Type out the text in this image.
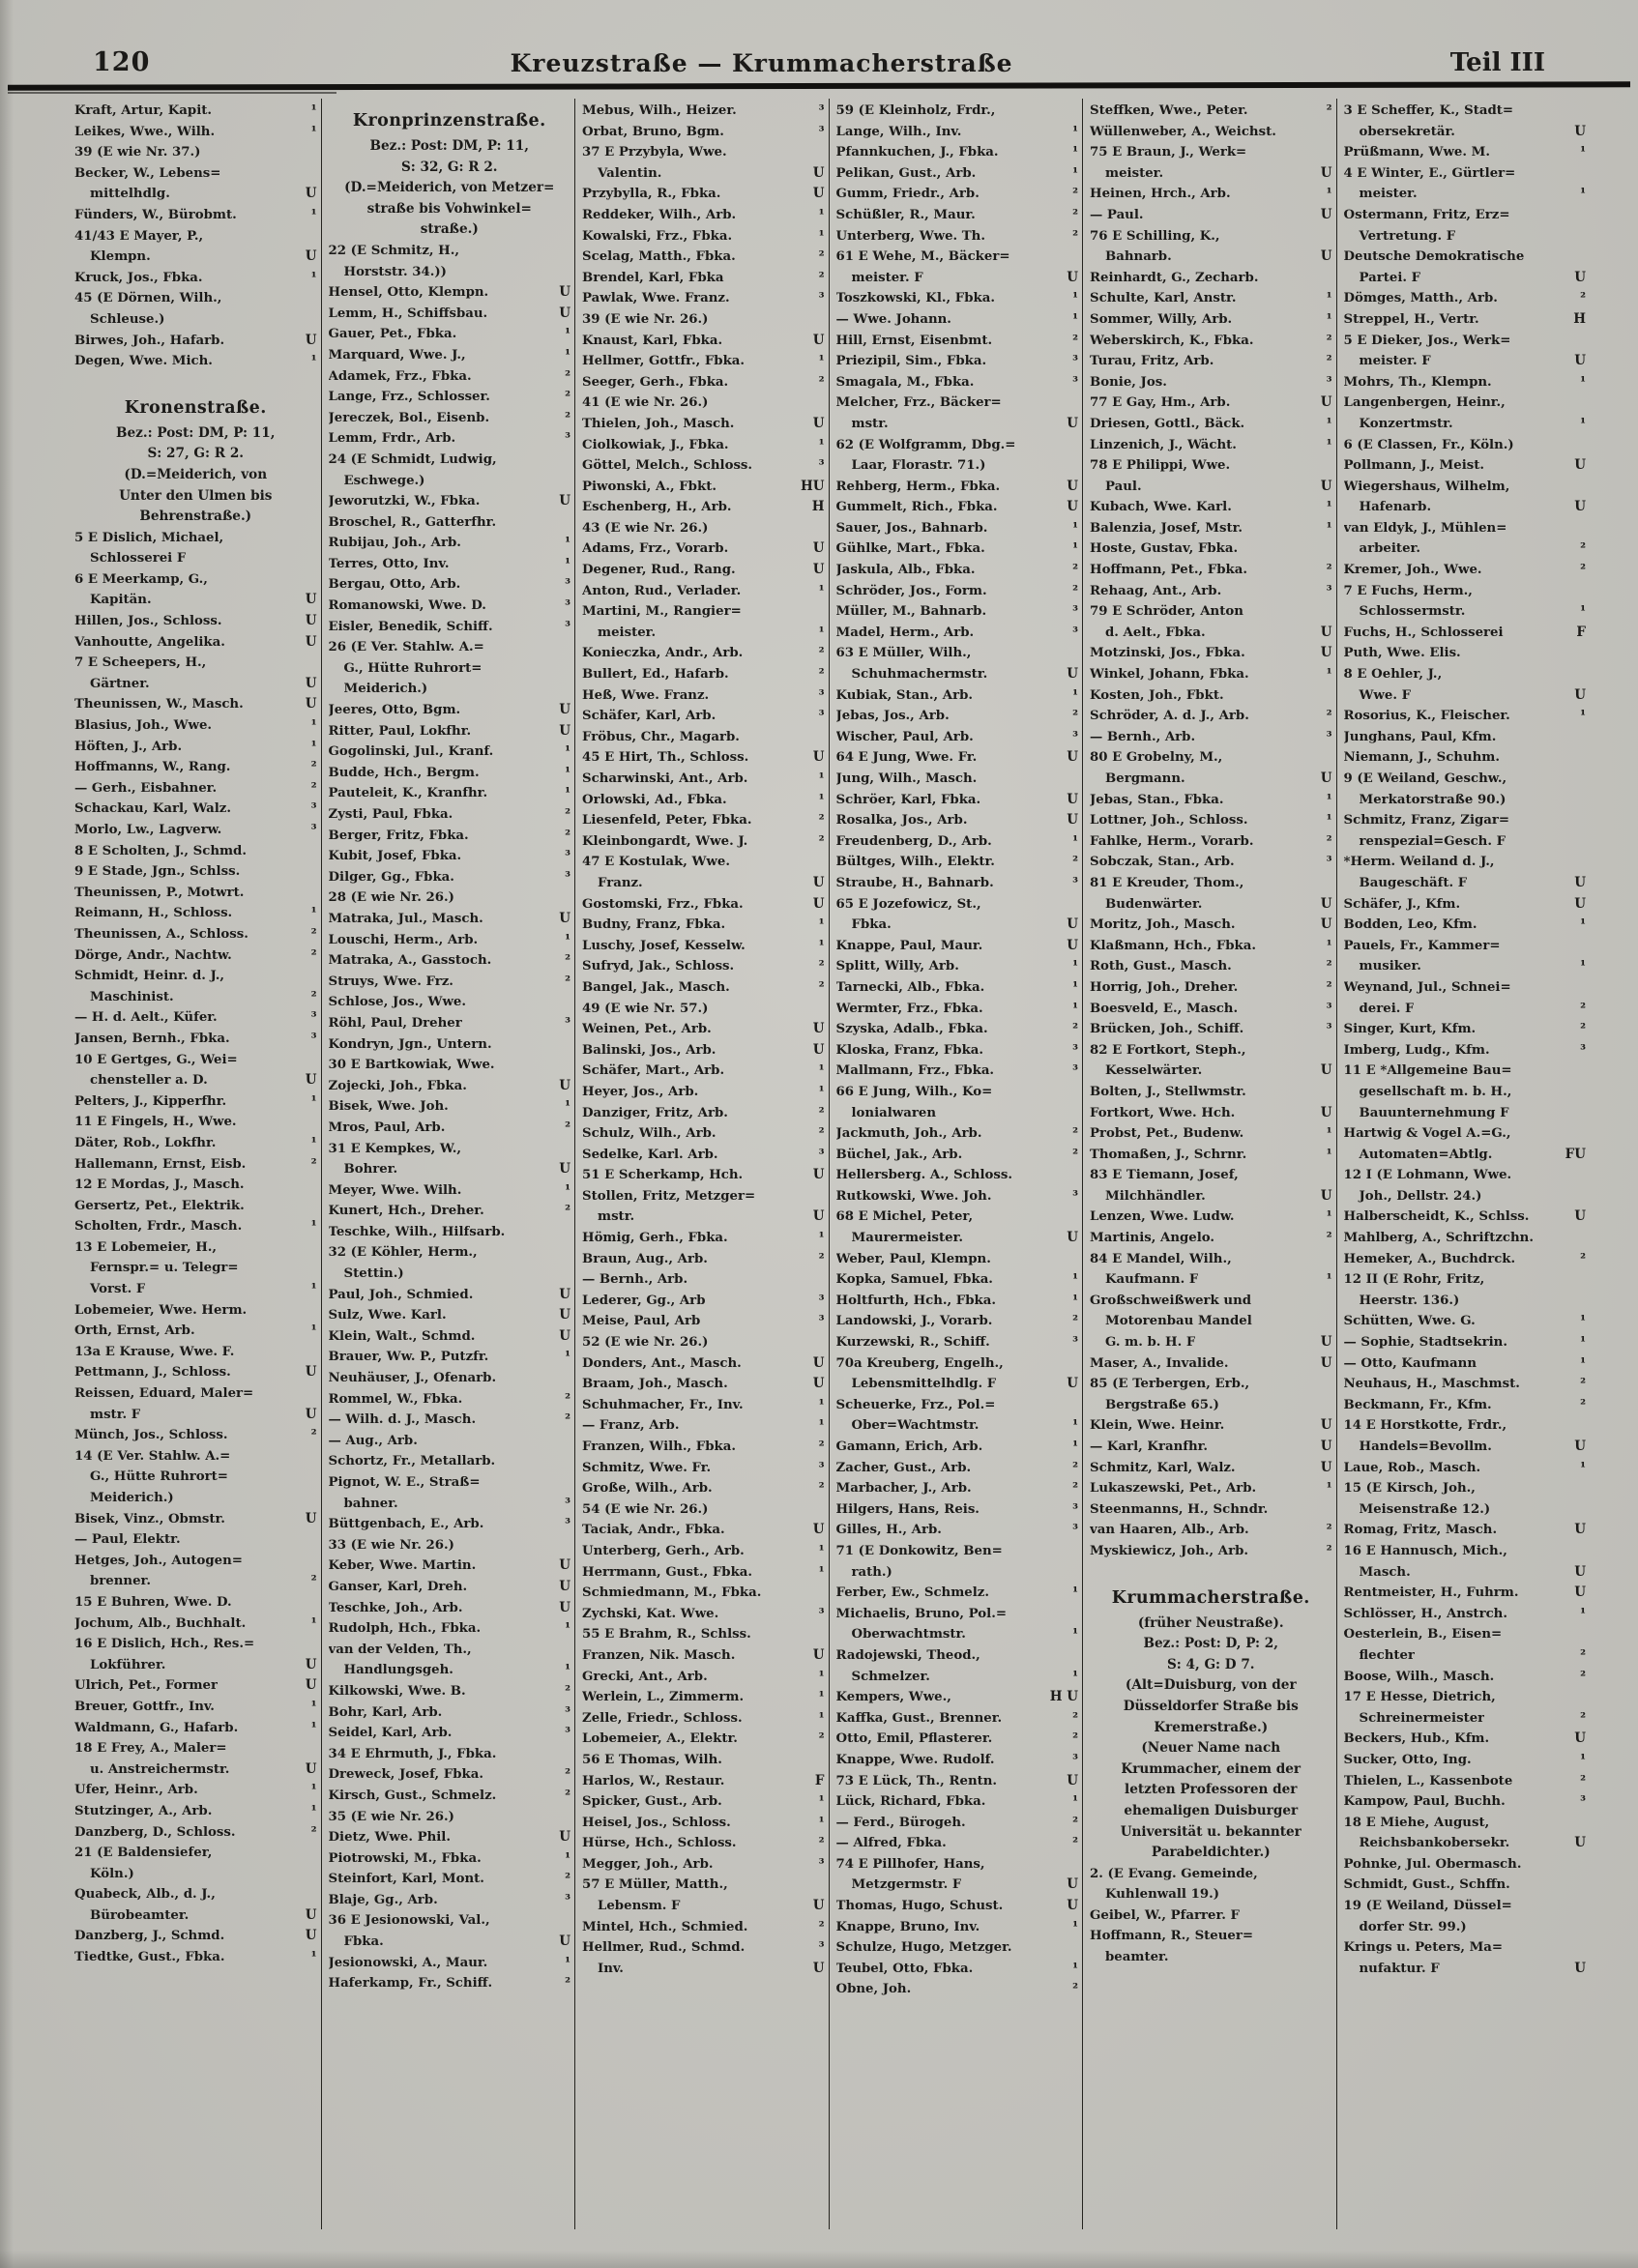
120	Kreuzstraße — Krummacherstraße	Teil III
Kraft, Artur, Kapit.	¹
Leikes, Wwe., Wilh.	¹
39 (E wie Nr. 37.)
Becker, W., Lebens=
mittelhdlg.	U
Fünders, W., Bürobmt.	¹
41/43 E Mayer, P.,
Klempn.	U
Kruck, Jos., Fbka.	¹
45 (E Dörnen, Wilh.,
Schleuse.)
Birwes, Joh., Hafarb.	U
Degen, Wwe. Mich.	¹
Kronenstraße.
Bez.: Post: DM, P: 11,
S: 27, G: R 2.
(D.=Meiderich, von
Unter den Ulmen bis
Behrenstraße.)
5 E Dislich, Michael,
Schlosserei F
6 E Meerkamp, G.,
Kapitän.	U
Hillen, Jos., Schloss.	U
Vanhoutte, Angelika.	U
7 E Scheepers, H.,
Gärtner.	U
Theunissen, W., Masch.	U
Blasius, Joh., Wwe.	¹
Höften, J., Arb.	¹
Hoffmanns, W., Rang.	²
— Gerh., Eisbahner.	²
Schackau, Karl, Walz.	³
Morlo, Lw., Lagverw.	³
8 E Scholten, J., Schmd.
9 E Stade, Jgn., Schlss.
Theunissen, P., Motwrt.
Reimann, H., Schloss.	¹
Theunissen, A., Schloss.	²
Dörge, Andr., Nachtw.	²
Schmidt, Heinr. d. J.,
Maschinist.	²
— H. d. Aelt., Küfer.	³
Jansen, Bernh., Fbka.	³
10 E Gertges, G., Wei=
chensteller a. D.	U
Pelters, J., Kipperfhr.	¹
11 E Fingels, H., Wwe.
Däter, Rob., Lokfhr.	¹
Hallemann, Ernst, Eisb.	²
12 E Mordas, J., Masch.
Gersertz, Pet., Elektrik.
Scholten, Frdr., Masch.	¹
13 E Lobemeier, H.,
Fernspr.= u. Telegr=
Vorst. F	¹
Lobemeier, Wwe. Herm.
Orth, Ernst, Arb.	¹
13a E Krause, Wwe. F.
Pettmann, J., Schloss.	U
Reissen, Eduard, Maler=
mstr. F	U
Münch, Jos., Schloss.	²
14 (E Ver. Stahlw. A.=
G., Hütte Ruhrort=
Meiderich.)
Bisek, Vinz., Obmstr.	U
— Paul, Elektr.
Hetges, Joh., Autogen=
brenner.	²
15 E Buhren, Wwe. D.
Jochum, Alb., Buchhalt.	¹
16 E Dislich, Hch., Res.=
Lokführer.	U
Ulrich, Pet., Former	U
Breuer, Gottfr., Inv.	¹
Waldmann, G., Hafarb.	¹
18 E Frey, A., Maler=
u. Anstreichermstr.	U
Ufer, Heinr., Arb.	¹
Stutzinger, A., Arb.	¹
Danzberg, D., Schloss.	²
21 (E Baldensiefer,
Köln.)
Quabeck, Alb., d. J.,
Bürobeamter.	U
Danzberg, J., Schmd.	U
Tiedtke, Gust., Fbka.	¹
Kronprinzenstraße.
Bez.: Post: DM, P: 11,
S: 32, G: R 2.
(D.=Meiderich, von Metzer=
straße bis Vohwinkel=
straße.)
22 (E Schmitz, H.,
Horststr. 34.))
Hensel, Otto, Klempn.	U
Lemm, H., Schiffsbau.	U
Gauer, Pet., Fbka.	¹
Marquard, Wwe. J.,	¹
Adamek, Frz., Fbka.	²
Lange, Frz., Schlosser.	²
Jereczek, Bol., Eisenb.	²
Lemm, Frdr., Arb.	³
24 (E Schmidt, Ludwig,
Eschwege.)
Jeworutzki, W., Fbka.	U
Broschel, R., Gatterfhr.
Rubijau, Joh., Arb.	¹
Terres, Otto, Inv.	¹
Bergau, Otto, Arb.	³
Romanowski, Wwe. D.	³
Eisler, Benedik, Schiff.	³
26 (E Ver. Stahlw. A.=
G., Hütte Ruhrort=
Meiderich.)
Jeeres, Otto, Bgm.	U
Ritter, Paul, Lokfhr.	U
Gogolinski, Jul., Kranf.	¹
Budde, Hch., Bergm.	¹
Pauteleit, K., Kranfhr.	¹
Zysti, Paul, Fbka.	²
Berger, Fritz, Fbka.	²
Kubit, Josef, Fbka.	³
Dilger, Gg., Fbka.	³
28 (E wie Nr. 26.)
Matraka, Jul., Masch.	U
Louschi, Herm., Arb.	¹
Matraka, A., Gasstoch.	²
Struys, Wwe. Frz.	²
Schlose, Jos., Wwe.
Röhl, Paul, Dreher	³
Kondryn, Jgn., Untern.
30 E Bartkowiak, Wwe.
Zojecki, Joh., Fbka.	U
Bisek, Wwe. Joh.	¹
Mros, Paul, Arb.	²
31 E Kempkes, W.,
Bohrer.	U
Meyer, Wwe. Wilh.	¹
Kunert, Hch., Dreher.	²
Teschke, Wilh., Hilfsarb.
32 (E Köhler, Herm.,
Stettin.)
Paul, Joh., Schmied.	U
Sulz, Wwe. Karl.	U
Klein, Walt., Schmd.	U
Brauer, Ww. P., Putzfr.	¹
Neuhäuser, J., Ofenarb.
Rommel, W., Fbka.	²
— Wilh. d. J., Masch.	²
— Aug., Arb.
Schortz, Fr., Metallarb.
Pignot, W. E., Straß=
bahner.	³
Büttgenbach, E., Arb.	³
33 (E wie Nr. 26.)
Keber, Wwe. Martin.	U
Ganser, Karl, Dreh.	U
Teschke, Joh., Arb.	U
Rudolph, Hch., Fbka.	¹
van der Velden, Th.,
Handlungsgeh.	¹
Kilkowski, Wwe. B.	²
Bohr, Karl, Arb.	³
Seidel, Karl, Arb.	³
34 E Ehrmuth, J., Fbka.
Dreweck, Josef, Fbka.	²
Kirsch, Gust., Schmelz.	²
35 (E wie Nr. 26.)
Dietz, Wwe. Phil.	U
Piotrowski, M., Fbka.	¹
Steinfort, Karl, Mont.	²
Blaje, Gg., Arb.	³
36 E Jesionowski, Val.,
Fbka.	U
Jesionowski, A., Maur.	¹
Haferkamp, Fr., Schiff.	²
Mebus, Wilh., Heizer.	³
Orbat, Bruno, Bgm.	³
37 E Przybyla, Wwe.
Valentin.	U
Przybylla, R., Fbka.	U
Reddeker, Wilh., Arb.	¹
Kowalski, Frz., Fbka.	¹
Scelag, Matth., Fbka.	²
Brendel, Karl, Fbka	²
Pawlak, Wwe. Franz.	³
39 (E wie Nr. 26.)
Knaust, Karl, Fbka.	U
Hellmer, Gottfr., Fbka.	¹
Seeger, Gerh., Fbka.	²
41 (E wie Nr. 26.)
Thielen, Joh., Masch.	U
Ciolkowiak, J., Fbka.	¹
Göttel, Melch., Schloss.	³
Piwonski, A., Fbkt.	HU
Eschenberg, H., Arb.	H
43 (E wie Nr. 26.)
Adams, Frz., Vorarb.	U
Degener, Rud., Rang.	U
Anton, Rud., Verlader.	¹
Martini, M., Rangier=
meister.	¹
Konieczka, Andr., Arb.	²
Bullert, Ed., Hafarb.	²
Heß, Wwe. Franz.	³
Schäfer, Karl, Arb.	³
Fröbus, Chr., Magarb.
45 E Hirt, Th., Schloss.	U
Scharwinski, Ant., Arb.	¹
Orlowski, Ad., Fbka.	¹
Liesenfeld, Peter, Fbka.	²
Kleinbongardt, Wwe. J.	²
47 E Kostulak, Wwe.
Franz.	U
Gostomski, Frz., Fbka.	U
Budny, Franz, Fbka.	¹
Luschy, Josef, Kesselw.	¹
Sufryd, Jak., Schloss.	²
Bangel, Jak., Masch.	²
49 (E wie Nr. 57.)
Weinen, Pet., Arb.	U
Balinski, Jos., Arb.	U
Schäfer, Mart., Arb.	¹
Heyer, Jos., Arb.	¹
Danziger, Fritz, Arb.	²
Schulz, Wilh., Arb.	²
Sedelke, Karl. Arb.	³
51 E Scherkamp, Hch.	U
Stollen, Fritz, Metzger=
mstr.	U
Hömig, Gerh., Fbka.	¹
Braun, Aug., Arb.	²
— Bernh., Arb.
Lederer, Gg., Arb	³
Meise, Paul, Arb	³
52 (E wie Nr. 26.)
Donders, Ant., Masch.	U
Braam, Joh., Masch.	U
Schuhmacher, Fr., Inv.	¹
— Franz, Arb.	¹
Franzen, Wilh., Fbka.	²
Schmitz, Wwe. Fr.	³
Große, Wilh., Arb.	²
54 (E wie Nr. 26.)
Taciak, Andr., Fbka.	U
Unterberg, Gerh., Arb.	¹
Herrmann, Gust., Fbka.	¹
Schmiedmann, M., Fbka.
Zychski, Kat. Wwe.	³
55 E Brahm, R., Schlss.
Franzen, Nik. Masch.	U
Grecki, Ant., Arb.	¹
Werlein, L., Zimmerm.	¹
Zelle, Friedr., Schloss.	¹
Lobemeier, A., Elektr.	²
56 E Thomas, Wilh.
Harlos, W., Restaur.	F
Spicker, Gust., Arb.	¹
Heisel, Jos., Schloss.	¹
Hürse, Hch., Schloss.	²
Megger, Joh., Arb.	³
57 E Müller, Matth.,
Lebensm. F	U
Mintel, Hch., Schmied.	²
Hellmer, Rud., Schmd.	³
Inv.	U
59 (E Kleinholz, Frdr.,
Lange, Wilh., Inv.	¹
Pfannkuchen, J., Fbka.	¹
Pelikan, Gust., Arb.	¹
Gumm, Friedr., Arb.	²
Schüßler, R., Maur.	²
Unterberg, Wwe. Th.	²
61 E Wehe, M., Bäcker=
meister. F	U
Toszkowski, Kl., Fbka.	¹
— Wwe. Johann.	¹
Hill, Ernst, Eisenbmt.	²
Priezipil, Sim., Fbka.	³
Smagala, M., Fbka.	³
Melcher, Frz., Bäcker=
mstr.	U
62 (E Wolfgramm, Dbg.=
Laar, Florastr. 71.)
Rehberg, Herm., Fbka.	U
Gummelt, Rich., Fbka.	U
Sauer, Jos., Bahnarb.	¹
Gühlke, Mart., Fbka.	¹
Jaskula, Alb., Fbka.	²
Schröder, Jos., Form.	²
Müller, M., Bahnarb.	³
Madel, Herm., Arb.	³
63 E Müller, Wilh.,
Schuhmachermstr.	U
Kubiak, Stan., Arb.	¹
Jebas, Jos., Arb.	²
Wischer, Paul, Arb.	³
64 E Jung, Wwe. Fr.	U
Jung, Wilh., Masch.
Schröer, Karl, Fbka.	U
Rosalka, Jos., Arb.	U
Freudenberg, D., Arb.	¹
Bültges, Wilh., Elektr.	²
Straube, H., Bahnarb.	³
65 E Jozefowicz, St.,
Fbka.	U
Knappe, Paul, Maur.	U
Splitt, Willy, Arb.	¹
Tarnecki, Alb., Fbka.	¹
Wermter, Frz., Fbka.	¹
Szyska, Adalb., Fbka.	²
Kloska, Franz, Fbka.	³
Mallmann, Frz., Fbka.	³
66 E Jung, Wilh., Ko=
lonialwaren
Jackmuth, Joh., Arb.	²
Büchel, Jak., Arb.	²
Hellersberg. A., Schloss.
Rutkowski, Wwe. Joh.	³
68 E Michel, Peter,
Maurermeister.	U
Weber, Paul, Klempn.
Kopka, Samuel, Fbka.	¹
Holtfurth, Hch., Fbka.	¹
Landowski, J., Vorarb.	²
Kurzewski, R., Schiff.	³
70a Kreuberg, Engelh.,
Lebensmittelhdlg. F	U
Scheuerke, Frz., Pol.=
Ober=Wachtmstr.	¹
Gamann, Erich, Arb.	¹
Zacher, Gust., Arb.	²
Marbacher, J., Arb.	²
Hilgers, Hans, Reis.	³
Gilles, H., Arb.	³
71 (E Donkowitz, Ben=
rath.)
Ferber, Ew., Schmelz.	¹
Michaelis, Bruno, Pol.=
Oberwachtmstr.	¹
Radojewski, Theod.,
Schmelzer.	¹
Kempers, Wwe.,	H U
Kaffka, Gust., Brenner.	²
Otto, Emil, Pflasterer.	²
Knappe, Wwe. Rudolf.	³
73 E Lück, Th., Rentn.	U
Lück, Richard, Fbka.	¹
— Ferd., Bürogeh.	²
— Alfred, Fbka.	²
74 E Pillhofer, Hans,
Metzgermstr. F	U
Thomas, Hugo, Schust.	U
Knappe, Bruno, Inv.	¹
Schulze, Hugo, Metzger.
Teubel, Otto, Fbka.	¹
Obne, Joh.	²
Steffken, Wwe., Peter.	²
Wüllenweber, A., Weichst.
75 E Braun, J., Werk=
meister.	U
Heinen, Hrch., Arb.	¹
— Paul.	U
76 E Schilling, K.,
Bahnarb.	U
Reinhardt, G., Zecharb.
Schulte, Karl, Anstr.	¹
Sommer, Willy, Arb.	¹
Weberskirch, K., Fbka.	²
Turau, Fritz, Arb.	²
Bonie, Jos.	³
77 E Gay, Hm., Arb.	U
Driesen, Gottl., Bäck.	¹
Linzenich, J., Wächt.	¹
78 E Philippi, Wwe.
Paul.	U
Kubach, Wwe. Karl.	¹
Balenzia, Josef, Mstr.	¹
Hoste, Gustav, Fbka.
Hoffmann, Pet., Fbka.	²
Rehaag, Ant., Arb.	³
79 E Schröder, Anton
d. Aelt., Fbka.	U
Motzinski, Jos., Fbka.	U
Winkel, Johann, Fbka.	¹
Kosten, Joh., Fbkt.
Schröder, A. d. J., Arb.	²
— Bernh., Arb.	³
80 E Grobelny, M.,
Bergmann.	U
Jebas, Stan., Fbka.	¹
Lottner, Joh., Schloss.	¹
Fahlke, Herm., Vorarb.	²
Sobczak, Stan., Arb.	³
81 E Kreuder, Thom.,
Budenwärter.	U
Moritz, Joh., Masch.	U
Klaßmann, Hch., Fbka.	¹
Roth, Gust., Masch.	²
Horrig, Joh., Dreher.	²
Boesveld, E., Masch.	³
Brücken, Joh., Schiff.	³
82 E Fortkort, Steph.,
Kesselwärter.	U
Bolten, J., Stellwmstr.
Fortkort, Wwe. Hch.	U
Probst, Pet., Budenw.	¹
Thomaßen, J., Schrnr.	¹
83 E Tiemann, Josef,
Milchhändler.	U
Lenzen, Wwe. Ludw.	¹
Martinis, Angelo.	²
84 E Mandel, Wilh.,
Kaufmann. F	¹
Großschweißwerk und
Motorenbau Mandel
G. m. b. H. F	U
Maser, A., Invalide.	U
85 (E Terbergen, Erb.,
Bergstraße 65.)
Klein, Wwe. Heinr.	U
— Karl, Kranfhr.	U
Schmitz, Karl, Walz.	U
Lukaszewski, Pet., Arb.	¹
Steenmanns, H., Schndr.
van Haaren, Alb., Arb.	²
Myskiewicz, Joh., Arb.	²
Krummacherstraße.
(früher Neustraße).
Bez.: Post: D, P: 2,
S: 4, G: D 7.
(Alt=Duisburg, von der
Düsseldorfer Straße bis
Kremerstraße.)
(Neuer Name nach
Krummacher, einem der
letzten Professoren der
ehemaligen Duisburger
Universität u. bekannter
Parabeldichter.)
2. (E Evang. Gemeinde,
Kuhlenwall 19.)
Geibel, W., Pfarrer. F
Hoffmann, R., Steuer=
beamter.
3 E Scheffer, K., Stadt=
obersekretär.	U
Prüßmann, Wwe. M.	¹
4 E Winter, E., Gürtler=
meister.	¹
Ostermann, Fritz, Erz=
Vertretung. F
Deutsche Demokratische
Partei. F	U
Dömges, Matth., Arb.	²
Streppel, H., Vertr.	H
5 E Dieker, Jos., Werk=
meister. F	U
Mohrs, Th., Klempn.	¹
Langenbergen, Heinr.,
Konzertmstr.	¹
6 (E Classen, Fr., Köln.)
Pollmann, J., Meist.	U
Wiegershaus, Wilhelm,
Hafenarb.	U
van Eldyk, J., Mühlen=
arbeiter.	²
Kremer, Joh., Wwe.	²
7 E Fuchs, Herm.,
Schlossermstr.	¹
Fuchs, H., Schlosserei	F
Puth, Wwe. Elis.
8 E Oehler, J.,
Wwe. F	U
Rosorius, K., Fleischer.	¹
Junghans, Paul, Kfm.
Niemann, J., Schuhm.
9 (E Weiland, Geschw.,
Merkatorstraße 90.)
Schmitz, Franz, Zigar=
renspezial=Gesch. F
*Herm. Weiland d. J.,
Baugeschäft. F	U
Schäfer, J., Kfm.	U
Bodden, Leo, Kfm.	¹
Pauels, Fr., Kammer=
musiker.	¹
Weynand, Jul., Schnei=
derei. F	²
Singer, Kurt, Kfm.	²
Imberg, Ludg., Kfm.	³
11 E *Allgemeine Bau=
gesellschaft m. b. H.,
Bauunternehmung F
Hartwig & Vogel A.=G.,
Automaten=Abtlg.	FU
12 I (E Lohmann, Wwe.
Joh., Dellstr. 24.)
Halberscheidt, K., Schlss.	U
Mahlberg, A., Schriftzchn.
Hemeker, A., Buchdrck.	²
12 II (E Rohr, Fritz,
Heerstr. 136.)
Schütten, Wwe. G.	¹
— Sophie, Stadtsekrin.	¹
— Otto, Kaufmann	¹
Neuhaus, H., Maschmst.	²
Beckmann, Fr., Kfm.	²
14 E Horstkotte, Frdr.,
Handels=Bevollm.	U
Laue, Rob., Masch.	¹
15 (E Kirsch, Joh.,
Meisenstraße 12.)
Romag, Fritz, Masch.	U
16 E Hannusch, Mich.,
Masch.	U
Rentmeister, H., Fuhrm.	U
Schlösser, H., Anstrch.	¹
Oesterlein, B., Eisen=
flechter	²
Boose, Wilh., Masch.	²
17 E Hesse, Dietrich,
Schreinermeister	²
Beckers, Hub., Kfm.	U
Sucker, Otto, Ing.	¹
Thielen, L., Kassenbote	²
Kampow, Paul, Buchh.	³
18 E Miehe, August,
Reichsbankobersekr.	U
Pohnke, Jul. Obermasch.
Schmidt, Gust., Schffn.
19 (E Weiland, Düssel=
dorfer Str. 99.)
Krings u. Peters, Ma=
nufaktur. F	U
